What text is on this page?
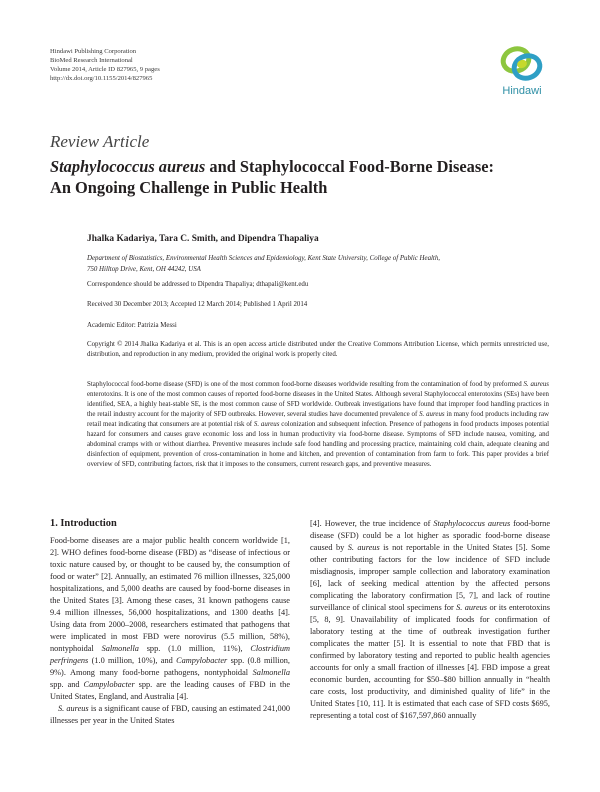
Hindawi Publishing Corporation
BioMed Research International
Volume 2014, Article ID 827965, 9 pages
http://dx.doi.org/10.1155/2014/827965
Hindawi
Review Article
Staphylococcus aureus and Staphylococcal Food-Borne Disease:
An Ongoing Challenge in Public Health
Jhalka Kadariya, Tara C. Smith, and Dipendra Thapaliya
Department of Biostatistics, Environmental Health Sciences and Epidemiology, Kent State University, College of Public Health,
750 Hilltop Drive, Kent, OH 44242, USA
Correspondence should be addressed to Dipendra Thapaliya; dthapali@kent.edu
Received 30 December 2013; Accepted 12 March 2014; Published 1 April 2014
Academic Editor: Patrizia Messi
Copyright © 2014 Jhalka Kadariya et al. This is an open access article distributed under the Creative Commons Attribution License, which permits unrestricted use, distribution, and reproduction in any medium, provided the original work is properly cited.
Staphylococcal food-borne disease (SFD) is one of the most common food-borne diseases worldwide resulting from the contamination of food by preformed S. aureus enterotoxins. It is one of the most common causes of reported food-borne diseases in the United States. Although several Staphylococcal enterotoxins (SEs) have been identified, SEA, a highly heat-stable SE, is the most common cause of SFD worldwide. Outbreak investigations have found that improper food handling practices in the retail industry account for the majority of SFD outbreaks. However, several studies have documented prevalence of S. aureus in many food products including raw retail meat indicating that consumers are at potential risk of S. aureus colonization and subsequent infection. Presence of pathogens in food products imposes potential hazard for consumers and causes grave economic loss and loss in human productivity via food-borne disease. Symptoms of SFD include nausea, vomiting, and abdominal cramps with or without diarrhea. Preventive measures include safe food handling and processing practice, maintaining cold chain, adequate cleaning and disinfection of equipment, prevention of cross-contamination in home and kitchen, and prevention of contamination from farm to fork. This paper provides a brief overview of SFD, contributing factors, risk that it imposes to the consumers, current research gaps, and preventive measures.
1. Introduction

Food-borne diseases are a major public health concern worldwide [1, 2]. WHO defines food-borne disease (FBD) as “disease of infectious or toxic nature caused by, or thought to be caused by, the consumption of food or water” [2]. Annually, an estimated 76 million illnesses, 325,000 hospitalizations, and 5,000 deaths are caused by food-borne diseases in the United States [3]. Among these cases, 31 known pathogens cause 9.4 million illnesses, 56,000 hospitalizations, and 1300 deaths [4]. Using data from 2000–2008, researchers estimated that pathogens that were implicated in most FBD were norovirus (5.5 million, 58%), nontyphoidal Salmonella spp. (1.0 million, 11%), Clostridium perfringens (1.0 million, 10%), and Campylobacter spp. (0.8 million, 9%). Among many food-borne pathogens, nontyphoidal Salmonella spp. and Campylobacter spp. are the leading causes of FBD in the United States, England, and Australia [4].

S. aureus is a significant cause of FBD, causing an estimated 241,000 illnesses per year in the United States

[4]. However, the true incidence of Staphylococcus aureus food-borne disease (SFD) could be a lot higher as sporadic food-borne disease caused by S. aureus is not reportable in the United States [5]. Some other contributing factors for the low incidence of SFD include misdiagnosis, improper sample collection and laboratory examination [6], lack of seeking medical attention by the affected persons complicating the laboratory confirmation [5, 7], and lack of routine surveillance of clinical stool specimens for S. aureus or its enterotoxins [5, 8, 9]. Unavailability of implicated foods for confirmation of laboratory testing at the time of outbreak investigation further complicates the matter [5]. It is essential to note that FBD that is confirmed by laboratory testing and reported to public health agencies accounts for only a small fraction of illnesses [4]. FBD impose a great economic burden, accounting for $50–$80 billion annually in “health care costs, lost productivity, and diminished quality of life” in the United States [10, 11]. It is estimated that each case of SFD costs $695, representing a total cost of $167,597,860 annually
